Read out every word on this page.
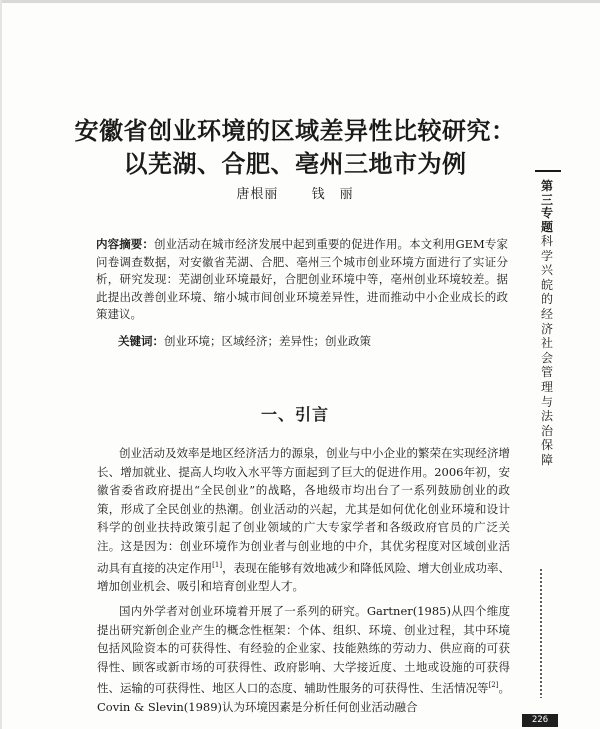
安徽省创业环境的区域差异性比较研究：
以芜湖、合肥、亳州三地市为例
唐根丽	钱　丽

内容摘要：创业活动在城市经济发展中起到重要的促进作用。本文利用GEM专家问卷调查数据，对安徽省芜湖、合肥、亳州三个城市创业环境方面进行了实证分析，研究发现：芜湖创业环境最好，合肥创业环境中等，亳州创业环境较差。据此提出改善创业环境、缩小城市间创业环境差异性，进而推动中小企业成长的政策建议。

关键词：创业环境；区域经济；差异性；创业政策

一、引言

创业活动及效率是地区经济活力的源泉，创业与中小企业的繁荣在实现经济增长、增加就业、提高人均收入水平等方面起到了巨大的促进作用。2006年初，安徽省委省政府提出“全民创业”的战略，各地级市均出台了一系列鼓励创业的政策，形成了全民创业的热潮。创业活动的兴起，尤其是如何优化创业环境和设计科学的创业扶持政策引起了创业领域的广大专家学者和各级政府官员的广泛关注。这是因为：创业环境作为创业者与创业地的中介，其优劣程度对区域创业活动具有直接的决定作用[1]，表现在能够有效地减少和降低风险、增大创业成功率、增加创业机会、吸引和培育创业型人才。

国内外学者对创业环境着开展了一系列的研究。Gartner(1985)从四个维度提出研究新创企业产生的概念性框架：个体、组织、环境、创业过程，其中环境包括风险资本的可获得性、有经验的企业家、技能熟练的劳动力、供应商的可获得性、顾客或新市场的可获得性、政府影响、大学接近度、土地或设施的可获得性、运输的可获得性、地区人口的态度、辅助性服务的可获得性、生活情况等[2]。Covin & Slevin(1989)认为环境因素是分析任何创业活动融合

第三专题
科学兴皖的经济社会管理与法治保障
226
